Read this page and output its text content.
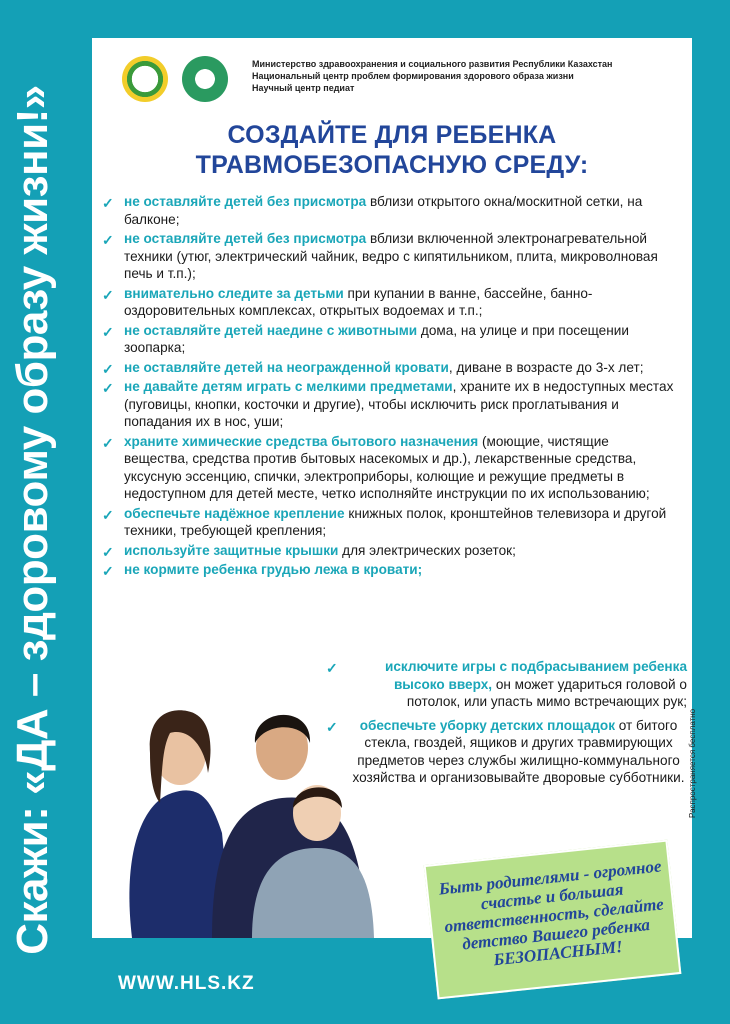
Скажи: «ДА – здоровому образу жизни!»
Министерство здравоохранения и социального развития Республики Казахстан
Национальный центр проблем формирования здорового образа жизни
Научный центр педиат
СОЗДАЙТЕ ДЛЯ РЕБЕНКА
ТРАВМОБЕЗОПАСНУЮ СРЕДУ:
✓ не оставляйте детей без присмотра вблизи открытого окна/москитной сетки, на балконе;
✓ не оставляйте детей без присмотра вблизи включенной электронагревательной техники (утюг, электрический чайник, ведро с кипятильником, плита, микроволновая печь и т.п.);
✓ внимательно следите за детьми при купании в ванне, бассейне, банно-оздоровительных комплексах, открытых водоемах и т.п.;
✓ не оставляйте детей наедине с животными дома, на улице и при посещении зоопарка;
✓ не оставляйте детей на неогражденной кровати, диване в возрасте до 3-х лет;
✓ не давайте детям играть с мелкими предметами, храните их в недоступных местах (пуговицы, кнопки, косточки и другие), чтобы исключить риск проглатывания и попадания их в нос, уши;
✓ храните химические средства бытового назначения (моющие, чистящие вещества, средства против бытовых насекомых и др.), лекарственные средства, уксусную эссенцию, спички, электроприборы, колющие и режущие предметы в недоступном для детей месте, четко исполняйте инструкции по их использованию;
✓ обеспечьте надёжное крепление книжных полок, кронштейнов телевизора и другой техники, требующей крепления;
✓ используйте защитные крышки для электрических розеток;
✓ не кормите ребенка грудью лежа в кровати;
✓	исключите игры с подбрасыванием ребенка высоко вверх, он может удариться головой о потолок, или упасть мимо встречающих рук;
✓ обеспечьте уборку детских площадок от битого стекла, гвоздей, ящиков и других травмирующих предметов через службы жилищно-коммунального хозяйства и организовывайте дворовые субботники. Распространяется бесплатно
Быть родителями - огромное счастье и большая ответственность, сделайте детство Вашего ребенка БЕЗОПАСНЫМ!
WWW.HLS.KZ
